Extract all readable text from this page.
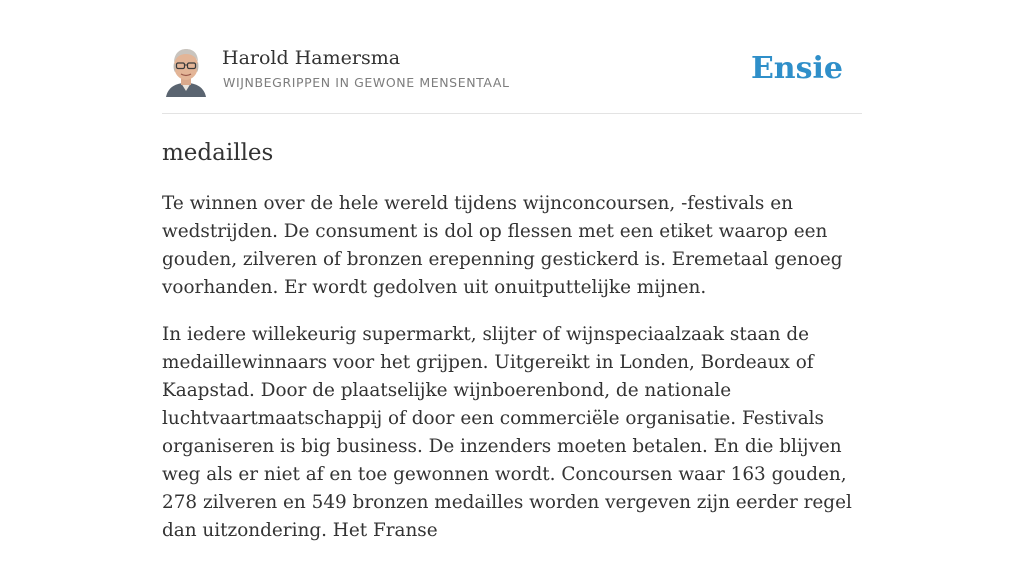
Harold Hamersma
WIJNBEGRIPPEN IN GEWONE MENSENTAAL	Ensie
medailles

Te winnen over de hele wereld tijdens wijnconcoursen, -festivals en wedstrijden. De consument is dol op flessen met een etiket waarop een gouden, zilveren of bronzen erepenning gestickerd is. Eremetaal genoeg voorhanden. Er wordt gedolven uit onuitputtelijke mijnen.

In iedere willekeurig supermarkt, slijter of wijnspeciaalzaak staan de medaillewinnaars voor het grijpen. Uitgereikt in Londen, Bordeaux of Kaapstad. Door de plaatselijke wijnboerenbond, de nationale luchtvaartmaatschappij of door een commerciële organisatie. Festivals organiseren is big business. De inzenders moeten betalen. En die blijven weg als er niet af en toe gewonnen wordt. Concoursen waar 163 gouden, 278 zilveren en 549 bronzen medailles worden vergeven zijn eerder regel dan uitzondering. Het Franse
